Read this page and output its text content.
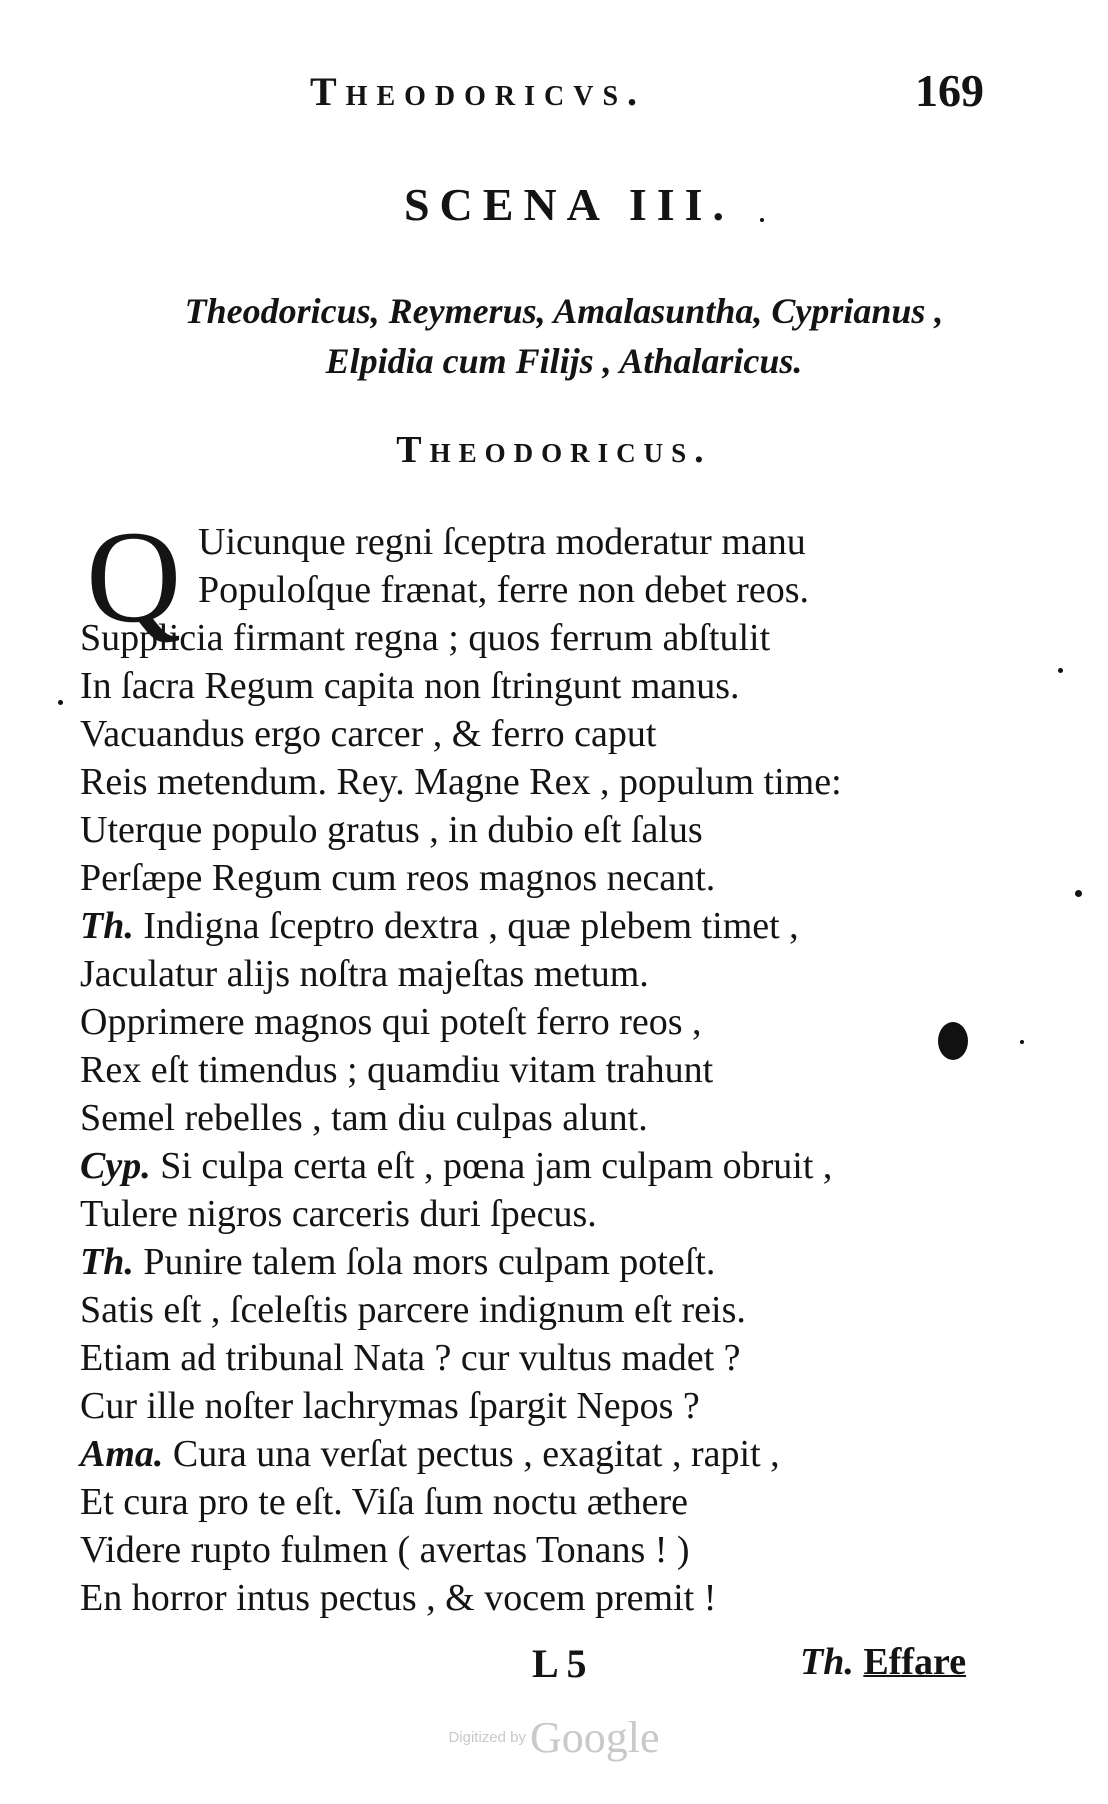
Theodoricvs.	169
SCENA III.
Theodoricus, Reymerus, Amalasuntha, Cyprianus ,
Elpidia cum Filijs , Athalaricus.
Theodoricus.
Q Uicunque regni ſceptra moderatur manu
Populoſque frænat, ferre non debet reos.
Supplicia firmant regna ; quos ferrum abſtulit
In ſacra Regum capita non ſtringunt manus.
Vacuandus ergo carcer , & ferro caput
Reis metendum. Rey. Magne Rex , populum time:
Uterque populo gratus , in dubio eſt ſalus
Perſæpe Regum cum reos magnos necant.
Th. Indigna ſceptro dextra , quæ plebem timet ,
Jaculatur alijs noſtra majeſtas metum.
Opprimere magnos qui poteſt ferro reos ,
Rex eſt timendus ; quamdiu vitam trahunt
Semel rebelles , tam diu culpas alunt.
Cyp. Si culpa certa eſt , pœna jam culpam obruit ,
Tulere nigros carceris duri ſpecus.
Th. Punire talem ſola mors culpam poteſt.
Satis eſt , ſceleſtis parcere indignum eſt reis.
Etiam ad tribunal Nata ? cur vultus madet ?
Cur ille noſter lachrymas ſpargit Nepos ?
Ama. Cura una verſat pectus , exagitat , rapit ,
Et cura pro te eſt. Viſa ſum noctu æthere
Videre rupto fulmen ( avertas Tonans ! )
En horror intus pectus , & vocem premit !
L 5	Th. Effare
Digitized byGoogle
